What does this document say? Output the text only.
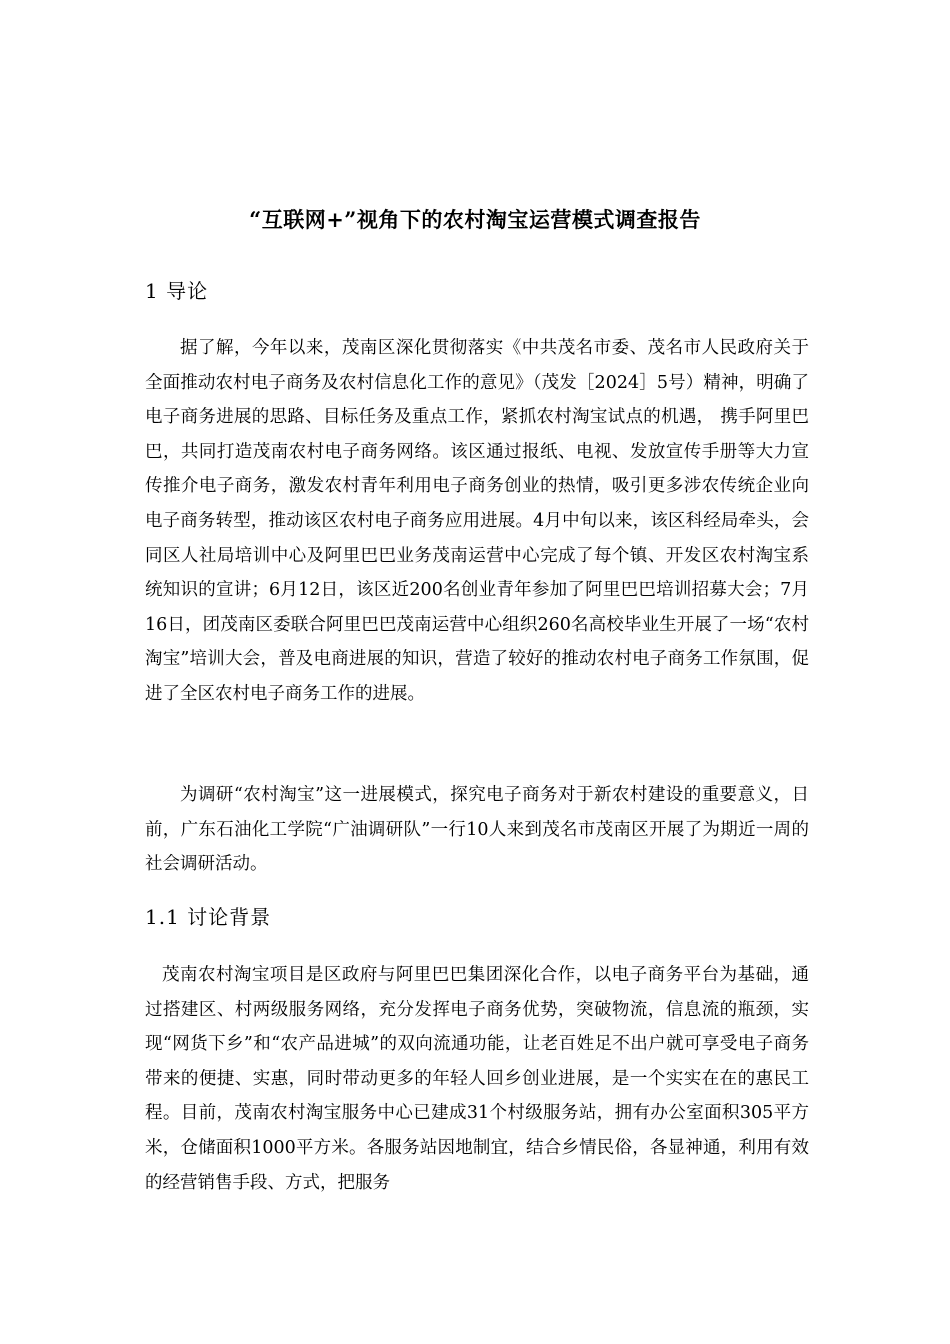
“互联网+”视角下的农村淘宝运营模式调查报告
1 导论

据了解，今年以来，茂南区深化贯彻落实《中共茂名市委、茂名市人民政府关于全面推动农村电子商务及农村信息化工作的意见》（茂发［2024］5号）精神，明确了电子商务进展的思路、目标任务及重点工作，紧抓农村淘宝试点的机遇， 携手阿里巴巴，共同打造茂南农村电子商务网络。该区通过报纸、电视、发放宣传手册等大力宣传推介电子商务，激发农村青年利用电子商务创业的热情，吸引更多涉农传统企业向电子商务转型，推动该区农村电子商务应用进展。4月中旬以来，该区科经局牵头，会同区人社局培训中心及阿里巴巴业务茂南运营中心完成了每个镇、开发区农村淘宝系统知识的宣讲；6月12日，该区近200名创业青年参加了阿里巴巴培训招募大会；7月16日，团茂南区委联合阿里巴巴茂南运营中心组织260名高校毕业生开展了一场“农村淘宝”培训大会，普及电商进展的知识，营造了较好的推动农村电子商务工作氛围，促进了全区农村电子商务工作的进展。

为调研“农村淘宝”这一进展模式，探究电子商务对于新农村建设的重要意义，日前，广东石油化工学院“广油调研队”一行10人来到茂名市茂南区开展了为期近一周的社会调研活动。

1.1 讨论背景

茂南农村淘宝项目是区政府与阿里巴巴集团深化合作，以电子商务平台为基础，通过搭建区、村两级服务网络，充分发挥电子商务优势，突破物流，信息流的瓶颈，实现“网货下乡”和“农产品进城”的双向流通功能，让老百姓足不出户就可享受电子商务带来的便捷、实惠，同时带动更多的年轻人回乡创业进展，是一个实实在在的惠民工程。目前，茂南农村淘宝服务中心已建成31个村级服务站，拥有办公室面积305平方米，仓储面积1000平方米。各服务站因地制宜，结合乡情民俗，各显神通，利用有效的经营销售手段、方式，把服务
